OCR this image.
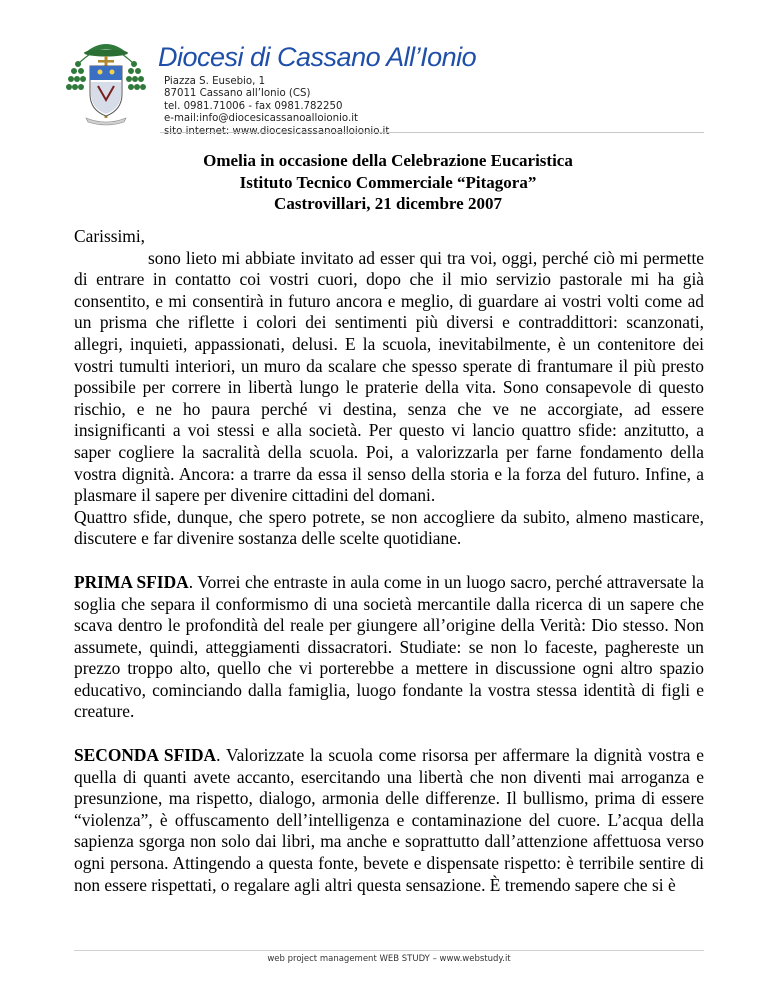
Diocesi di Cassano All’Ionio
Piazza S. Eusebio, 1
87011 Cassano all’Ionio (CS)
tel. 0981.71006 - fax 0981.782250
e-mail:info@diocesicassanoalloionio.it
sito internet: www.diocesicassanoalloionio.it
Omelia in occasione della Celebrazione Eucaristica
Istituto Tecnico Commerciale “Pitagora”
Castrovillari, 21 dicembre 2007

Carissimi,

sono lieto mi abbiate invitato ad esser qui tra voi, oggi, perché ciò mi permette di entrare in contatto coi vostri cuori, dopo che il mio servizio pastorale mi ha già consentito, e mi consentirà in futuro ancora e meglio, di guardare ai vostri volti come ad un prisma che riflette i colori dei sentimenti più diversi e contraddittori: scanzonati, allegri, inquieti, appassionati, delusi. E la scuola, inevitabilmente, è un contenitore dei vostri tumulti interiori, un muro da scalare che spesso sperate di frantumare il più presto possibile per correre in libertà lungo le praterie della vita. Sono consapevole di questo rischio, e ne ho paura perché vi destina, senza che ve ne accorgiate, ad essere insignificanti a voi stessi e alla società. Per questo vi lancio quattro sfide: anzitutto, a saper cogliere la sacralità della scuola. Poi, a valorizzarla per farne fondamento della vostra dignità. Ancora: a trarre da essa il senso della storia e la forza del futuro. Infine, a plasmare il sapere per divenire cittadini del domani.

Quattro sfide, dunque, che spero potrete, se non accogliere da subito, almeno masticare, discutere e far divenire sostanza delle scelte quotidiane.

PRIMA SFIDA. Vorrei che entraste in aula come in un luogo sacro, perché attraversate la soglia che separa il conformismo di una società mercantile dalla ricerca di un sapere che scava dentro le profondità del reale per giungere all’origine della Verità: Dio stesso. Non assumete, quindi, atteggiamenti dissacratori. Studiate: se non lo faceste, paghereste un prezzo troppo alto, quello che vi porterebbe a mettere in discussione ogni altro spazio educativo, cominciando dalla famiglia, luogo fondante la vostra stessa identità di figli e creature.

SECONDA SFIDA. Valorizzate la scuola come risorsa per affermare la dignità vostra e quella di quanti avete accanto, esercitando una libertà che non diventi mai arroganza e presunzione, ma rispetto, dialogo, armonia delle differenze. Il bullismo, prima di essere “violenza”, è offuscamento dell’intelligenza e contaminazione del cuore. L’acqua della sapienza sgorga non solo dai libri, ma anche e soprattutto dall’attenzione affettuosa verso ogni persona. Attingendo a questa fonte, bevete e dispensate rispetto: è terribile sentire di non essere rispettati, o regalare agli altri questa sensazione. È tremendo sapere che si è

web project management WEB STUDY – www.webstudy.it
